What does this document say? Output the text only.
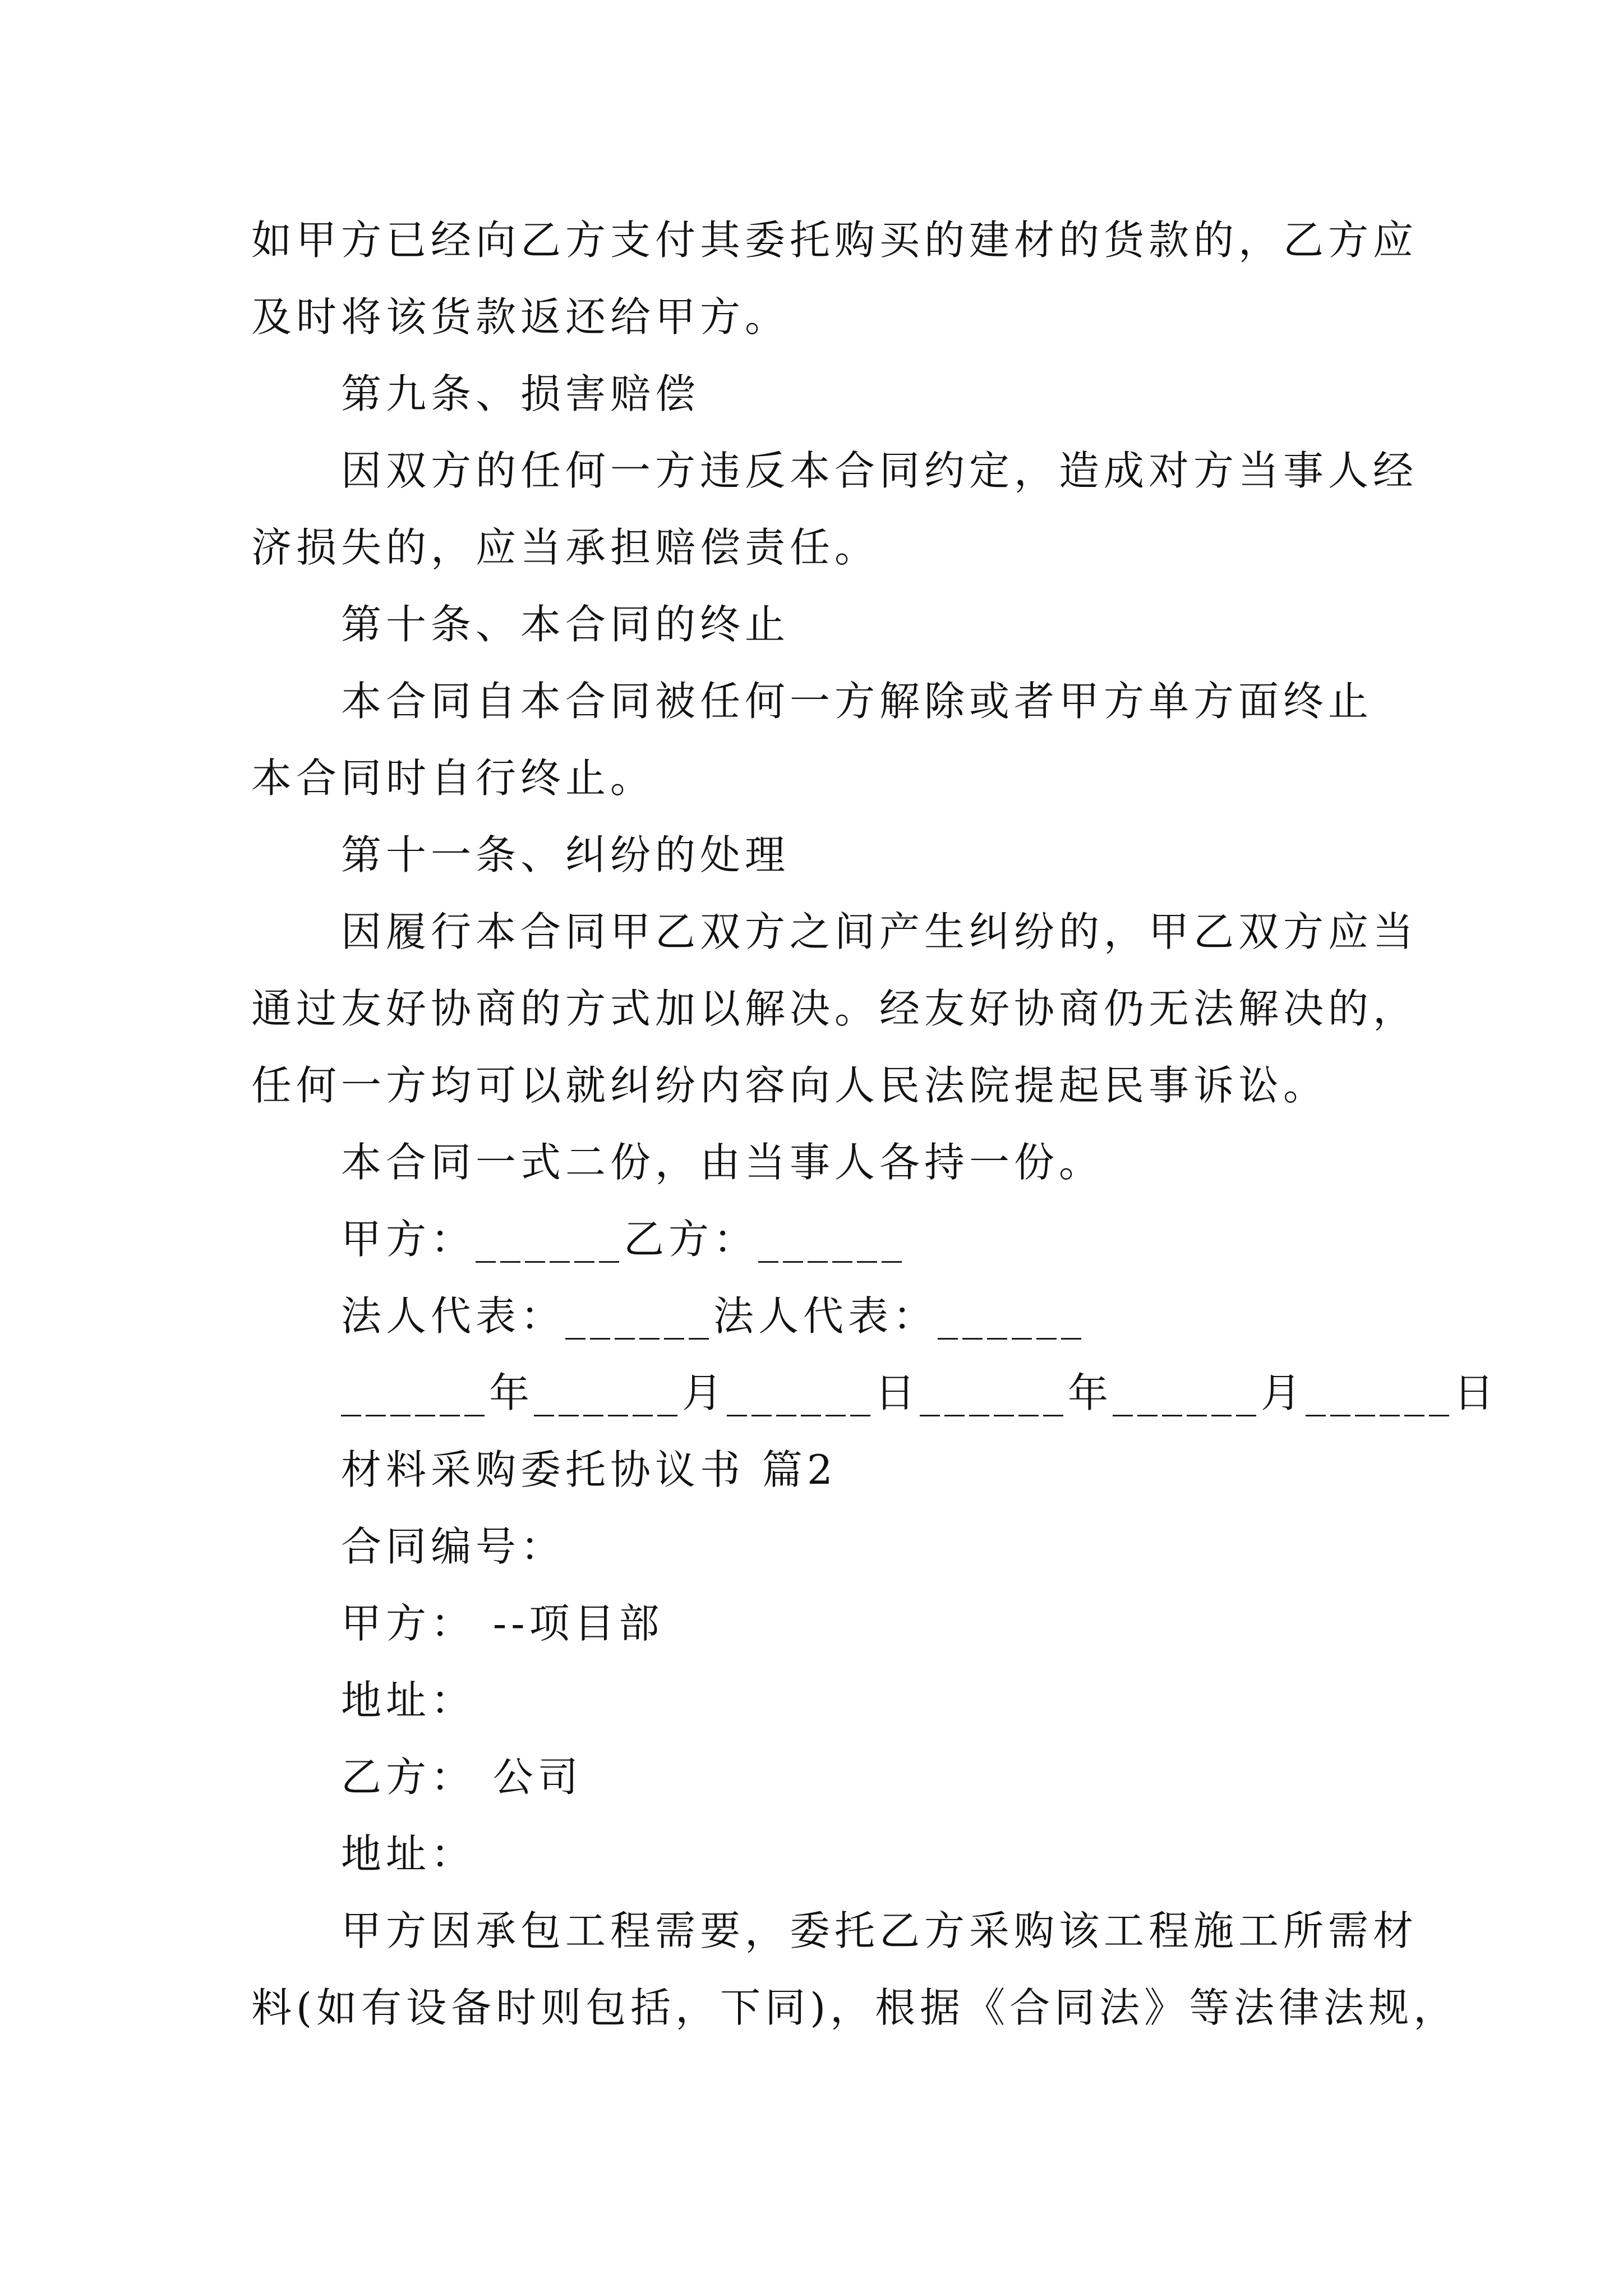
如甲方已经向乙方支付其委托购买的建材的货款的，乙方应

及时将该货款返还给甲方。

第九条、损害赔偿

因双方的任何一方违反本合同约定，造成对方当事人经

济损失的，应当承担赔偿责任。

第十条、本合同的终止

本合同自本合同被任何一方解除或者甲方单方面终止

本合同时自行终止。

第十一条、纠纷的处理

因履行本合同甲乙双方之间产生纠纷的，甲乙双方应当

通过友好协商的方式加以解决。经友好协商仍无法解决的，

任何一方均可以就纠纷内容向人民法院提起民事诉讼。

本合同一式二份，由当事人各持一份。

甲方：______乙方：______

法人代表：______法人代表：______

______年______月______日______年______月______日

材料采购委托协议书 篇2

合同编号：

甲方： --项目部

地址：

乙方： 公司

地址：

甲方因承包工程需要，委托乙方采购该工程施工所需材

料(如有设备时则包括，下同)，根据《合同法》等法律法规，
